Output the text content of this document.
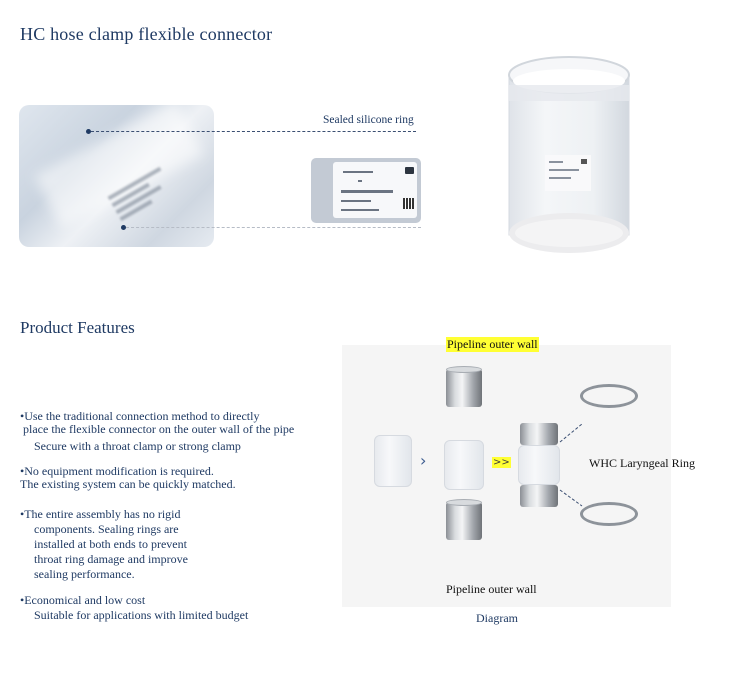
HC hose clamp flexible connector
Sealed silicone ring
Product Features
•Use the traditional connection method to directly
place the flexible connector on the outer wall of the pipe
Secure with a throat clamp or strong clamp
•No equipment modification is required.
The existing system can be quickly matched.
•The entire assembly has no rigid
components. Sealing rings are
installed at both ends to prevent
throat ring damage and improve
sealing performance.
•Economical and low cost
Suitable for applications with limited budget
Pipeline outer wall
›	>>	WHC Laryngeal Ring
Pipeline outer wall
Diagram
